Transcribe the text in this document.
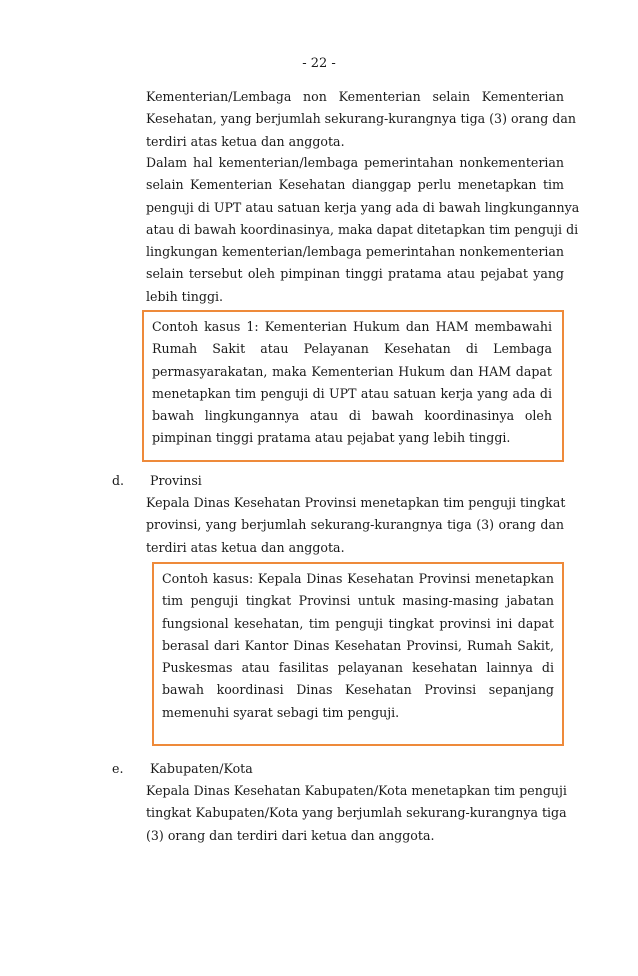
- 22 -
Kementerian/Lembaga non Kementerian selain Kementerian
Kesehatan, yang berjumlah sekurang-kurangnya tiga (3) orang dan
terdiri atas ketua dan anggota.
Dalam hal kementerian/lembaga pemerintahan nonkementerian
selain Kementerian Kesehatan dianggap perlu menetapkan tim
penguji di UPT atau satuan kerja yang ada di bawah lingkungannya
atau di bawah koordinasinya, maka dapat ditetapkan tim penguji di
lingkungan kementerian/lembaga pemerintahan nonkementerian
selain tersebut oleh pimpinan tinggi pratama atau pejabat yang
lebih tinggi.
Contoh kasus 1: Kementerian Hukum dan HAM membawahi
Rumah Sakit atau Pelayanan Kesehatan di Lembaga
permasyarakatan, maka Kementerian Hukum dan HAM dapat
menetapkan tim penguji di UPT atau satuan kerja yang ada di
bawah lingkungannya atau di bawah koordinasinya oleh
pimpinan tinggi pratama atau pejabat yang lebih tinggi.
d. Provinsi
Kepala Dinas Kesehatan Provinsi menetapkan tim penguji tingkat
provinsi, yang berjumlah sekurang-kurangnya tiga (3) orang dan
terdiri atas ketua dan anggota.
Contoh kasus: Kepala Dinas Kesehatan Provinsi menetapkan
tim penguji tingkat Provinsi untuk masing-masing jabatan
fungsional kesehatan, tim penguji tingkat provinsi ini dapat
berasal dari Kantor Dinas Kesehatan Provinsi, Rumah Sakit,
Puskesmas atau fasilitas pelayanan kesehatan lainnya di
bawah koordinasi Dinas Kesehatan Provinsi sepanjang
memenuhi syarat sebagi tim penguji.
e. Kabupaten/Kota
Kepala Dinas Kesehatan Kabupaten/Kota menetapkan tim penguji
tingkat Kabupaten/Kota yang berjumlah sekurang-kurangnya tiga
(3) orang dan terdiri dari ketua dan anggota.
